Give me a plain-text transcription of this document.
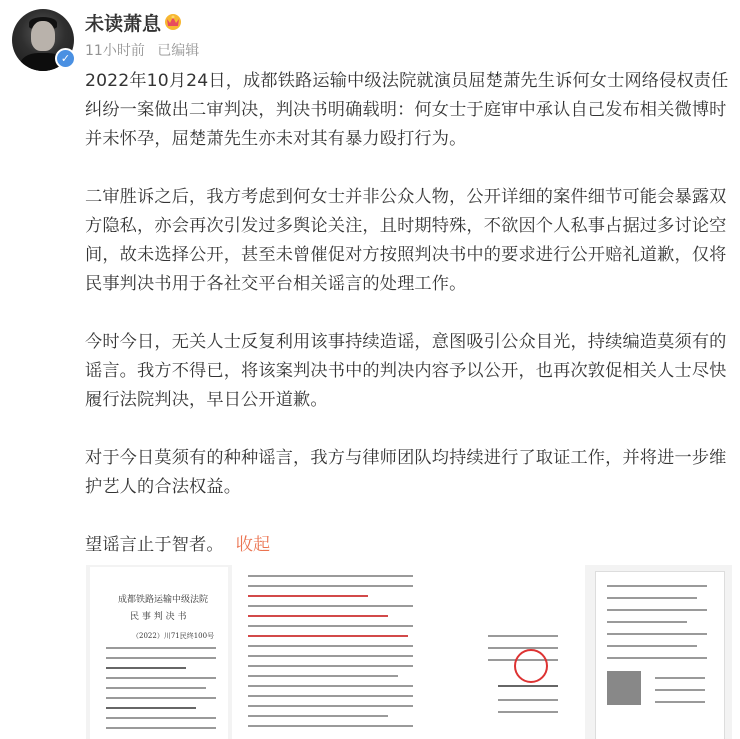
✓
未读萧息
11小时前 已编辑

2022年10月24日，成都铁路运输中级法院就演员屈楚萧先生诉何女士网络侵权责任纠纷一案做出二审判决，判决书明确载明：何女士于庭审中承认自己发布相关微博时并未怀孕，屈楚萧先生亦未对其有暴力殴打行为。

二审胜诉之后，我方考虑到何女士并非公众人物，公开详细的案件细节可能会暴露双方隐私，亦会再次引发过多舆论关注，且时期特殊，不欲因个人私事占据过多讨论空间，故未选择公开，甚至未曾催促对方按照判决书中的要求进行公开赔礼道歉，仅将民事判决书用于各社交平台相关谣言的处理工作。

今时今日，无关人士反复利用该事持续造谣，意图吸引公众目光，持续编造莫须有的谣言。我方不得已，将该案判决书中的判决内容予以公开，也再次敦促相关人士尽快履行法院判决，早日公开道歉。

对于今日莫须有的种种谣言，我方与律师团队均持续进行了取证工作，并将进一步维护艺人的合法权益。

望谣言止于智者。 收起

成都铁路运输中级法院
民 事 判 决 书
（2022）川71民终100号
